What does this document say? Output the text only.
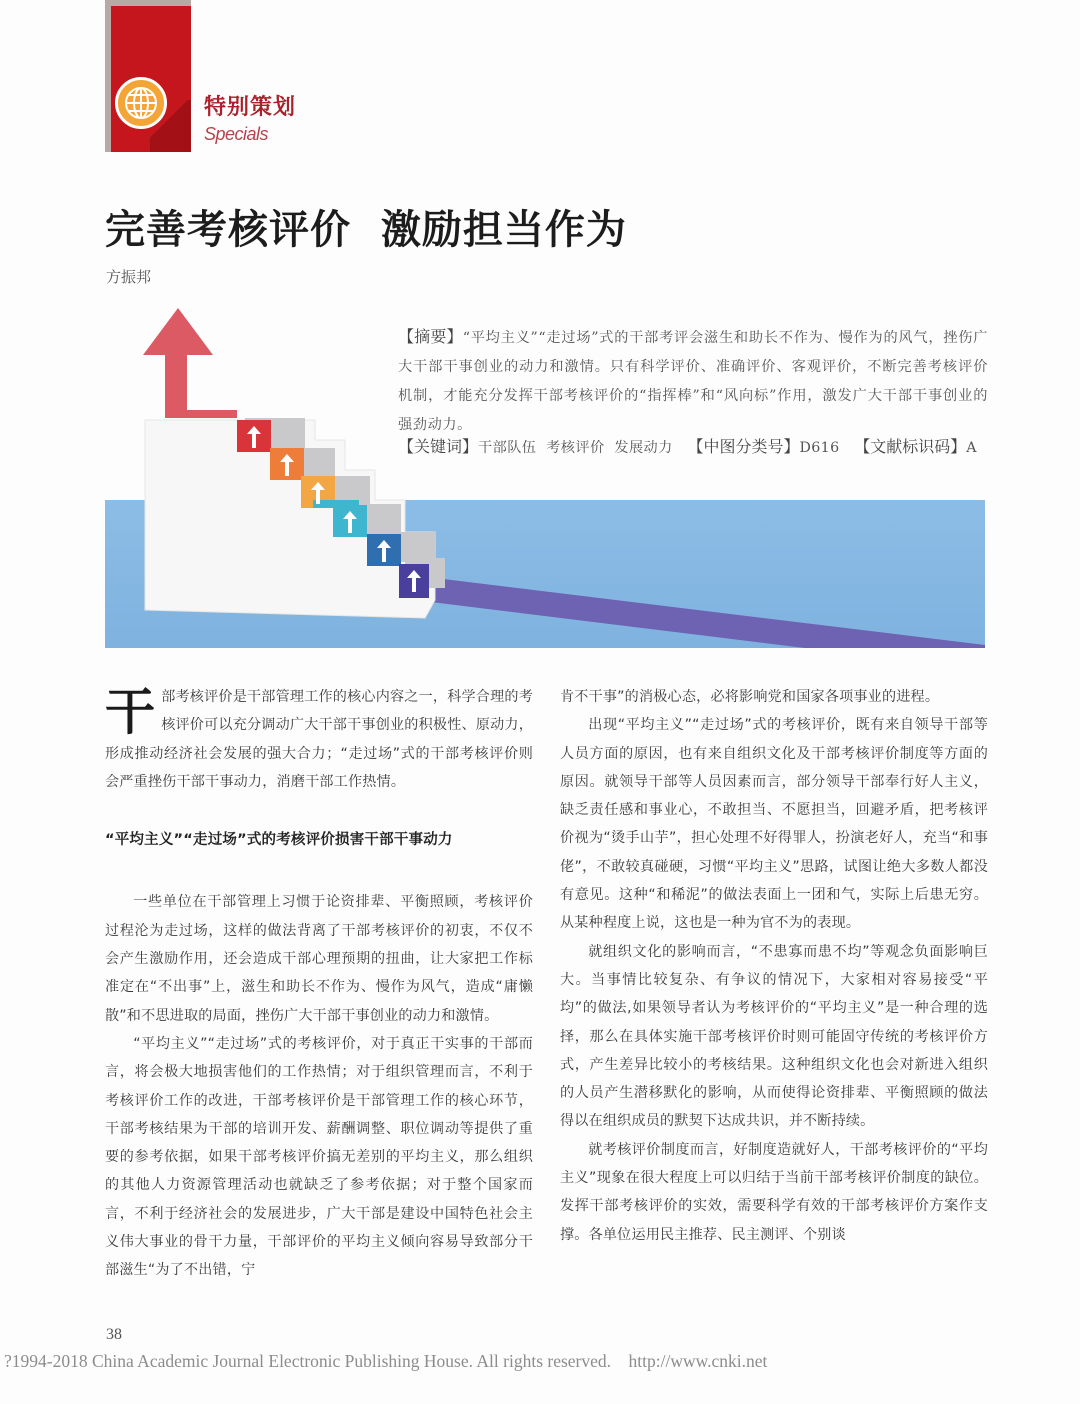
特别策划
Specials
完善考核评价  激励担当作为
方振邦
【摘要】“平均主义”“走过场”式的干部考评会滋生和助长不作为、慢作为的风气，挫伤广大干部干事创业的动力和激情。只有科学评价、准确评价、客观评价，不断完善考核评价机制，才能充分发挥干部考核评价的“指挥棒”和“风向标”作用，激发广大干部干事创业的强劲动力。
【关键词】干部队伍  考核评价  发展动力 【中图分类号】D616 【文献标识码】A

干部考核评价是干部管理工作的核心内容之一，科学合理的考核评价可以充分调动广大干部干事创业的积极性、原动力，形成推动经济社会发展的强大合力；“走过场”式的干部考核评价则会严重挫伤干部干事动力，消磨干部工作热情。

“平均主义”“走过场”式的考核评价损害干部干事动力

一些单位在干部管理上习惯于论资排辈、平衡照顾，考核评价过程沦为走过场，这样的做法背离了干部考核评价的初衷，不仅不会产生激励作用，还会造成干部心理预期的扭曲，让大家把工作标准定在“不出事”上，滋生和助长不作为、慢作为风气，造成“庸懒散”和不思进取的局面，挫伤广大干部干事创业的动力和激情。

“平均主义”“走过场”式的考核评价，对于真正干实事的干部而言，将会极大地损害他们的工作热情；对于组织管理而言，不利于考核评价工作的改进，干部考核评价是干部管理工作的核心环节，干部考核结果为干部的培训开发、薪酬调整、职位调动等提供了重要的参考依据，如果干部考核评价搞无差别的平均主义，那么组织的其他人力资源管理活动也就缺乏了参考依据；对于整个国家而言，不利于经济社会的发展进步，广大干部是建设中国特色社会主义伟大事业的骨干力量，干部评价的平均主义倾向容易导致部分干部滋生“为了不出错，宁

肯不干事”的消极心态，必将影响党和国家各项事业的进程。

出现“平均主义”“走过场”式的考核评价，既有来自领导干部等人员方面的原因，也有来自组织文化及干部考核评价制度等方面的原因。就领导干部等人员因素而言，部分领导干部奉行好人主义，缺乏责任感和事业心，不敢担当、不愿担当，回避矛盾，把考核评价视为“烫手山芋”，担心处理不好得罪人，扮演老好人，充当“和事佬”，不敢较真碰硬，习惯“平均主义”思路，试图让绝大多数人都没有意见。这种“和稀泥”的做法表面上一团和气，实际上后患无穷。从某种程度上说，这也是一种为官不为的表现。

就组织文化的影响而言，“不患寡而患不均”等观念负面影响巨大。当事情比较复杂、有争议的情况下，大家相对容易接受“平均”的做法,如果领导者认为考核评价的“平均主义”是一种合理的选择，那么在具体实施干部考核评价时则可能固守传统的考核评价方式，产生差异比较小的考核结果。这种组织文化也会对新进入组织的人员产生潜移默化的影响，从而使得论资排辈、平衡照顾的做法得以在组织成员的默契下达成共识，并不断持续。

就考核评价制度而言，好制度造就好人，干部考核评价的“平均主义”现象在很大程度上可以归结于当前干部考核评价制度的缺位。发挥干部考核评价的实效，需要科学有效的干部考核评价方案作支撑。各单位运用民主推荐、民主测评、个别谈

38
?1994-2018 China Academic Journal Electronic Publishing House. All rights reserved.    http://www.cnki.net
